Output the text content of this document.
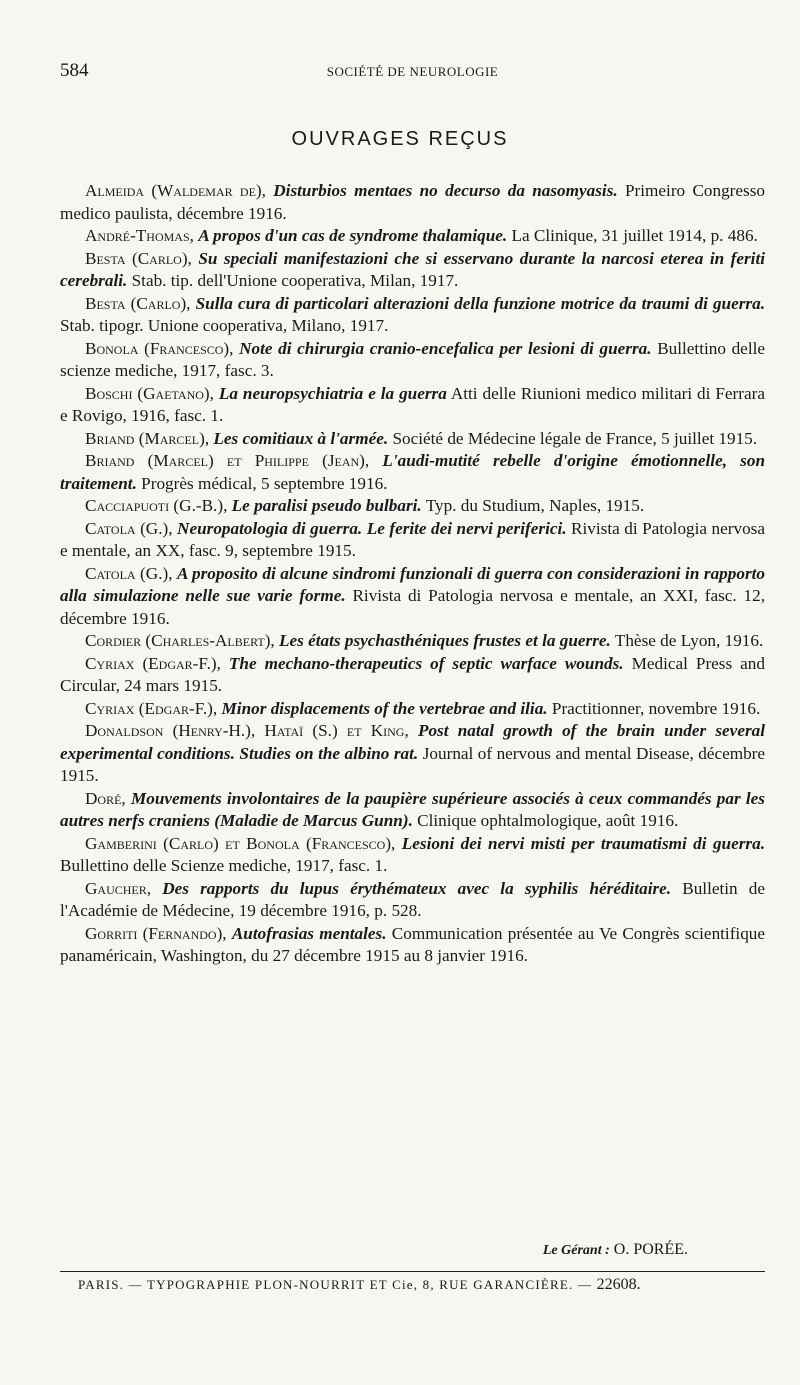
584	SOCIÉTÉ DE NEUROLOGIE
OUVRAGES REÇUS

Almeida (Waldemar de), Disturbios mentaes no decurso da nasomyasis. Primeiro Congresso medico paulista, décembre 1916.

André-Thomas, A propos d'un cas de syndrome thalamique. La Clinique, 31 juillet 1914, p. 486.

Besta (Carlo), Su speciali manifestazioni che si esservano durante la narcosi eterea in feriti cerebrali. Stab. tip. dell'Unione cooperativa, Milan, 1917.

Besta (Carlo), Sulla cura di particolari alterazioni della funzione motrice da traumi di guerra. Stab. tipogr. Unione cooperativa, Milano, 1917.

Bonola (Francesco), Note di chirurgia cranio-encefalica per lesioni di guerra. Bullettino delle scienze mediche, 1917, fasc. 3.

Boschi (Gaetano), La neuropsychiatria e la guerra Atti delle Riunioni medico militari di Ferrara e Rovigo, 1916, fasc. 1.

Briand (Marcel), Les comitiaux à l'armée. Société de Médecine légale de France, 5 juillet 1915.

Briand (Marcel) et Philippe (Jean), L'audi-mutité rebelle d'origine émotionnelle, son traitement. Progrès médical, 5 septembre 1916.

Cacciapuoti (G.-B.), Le paralisi pseudo bulbari. Typ. du Studium, Naples, 1915.

Catola (G.), Neuropatologia di guerra. Le ferite dei nervi periferici. Rivista di Patologia nervosa e mentale, an XX, fasc. 9, septembre 1915.

Catola (G.), A proposito di alcune sindromi funzionali di guerra con considerazioni in rapporto alla simulazione nelle sue varie forme. Rivista di Patologia nervosa e mentale, an XXI, fasc. 12, décembre 1916.

Cordier (Charles-Albert), Les états psychasthéniques frustes et la guerre. Thèse de Lyon, 1916.

Cyriax (Edgar-F.), The mechano-therapeutics of septic warface wounds. Medical Press and Circular, 24 mars 1915.

Cyriax (Edgar-F.), Minor displacements of the vertebrae and ilia. Practitionner, novembre 1916.

Donaldson (Henry-H.), Hataï (S.) et King, Post natal growth of the brain under several experimental conditions. Studies on the albino rat. Journal of nervous and mental Disease, décembre 1915.

Doré, Mouvements involontaires de la paupière supérieure associés à ceux commandés par les autres nerfs craniens (Maladie de Marcus Gunn). Clinique ophtalmologique, août 1916.

Gamberini (Carlo) et Bonola (Francesco), Lesioni dei nervi misti per traumatismi di guerra. Bullettino delle Scienze mediche, 1917, fasc. 1.

Gaucher, Des rapports du lupus érythémateux avec la syphilis héréditaire. Bulletin de l'Académie de Médecine, 19 décembre 1916, p. 528.

Gorriti (Fernando), Autofrasias mentales. Communication présentée au Ve Congrès scientifique panaméricain, Washington, du 27 décembre 1915 au 8 janvier 1916.

Le Gérant : O. PORÉE.
PARIS. — TYPOGRAPHIE PLON-NOURRIT ET Cie, 8, RUE GARANCIÈRE. — 22608.
